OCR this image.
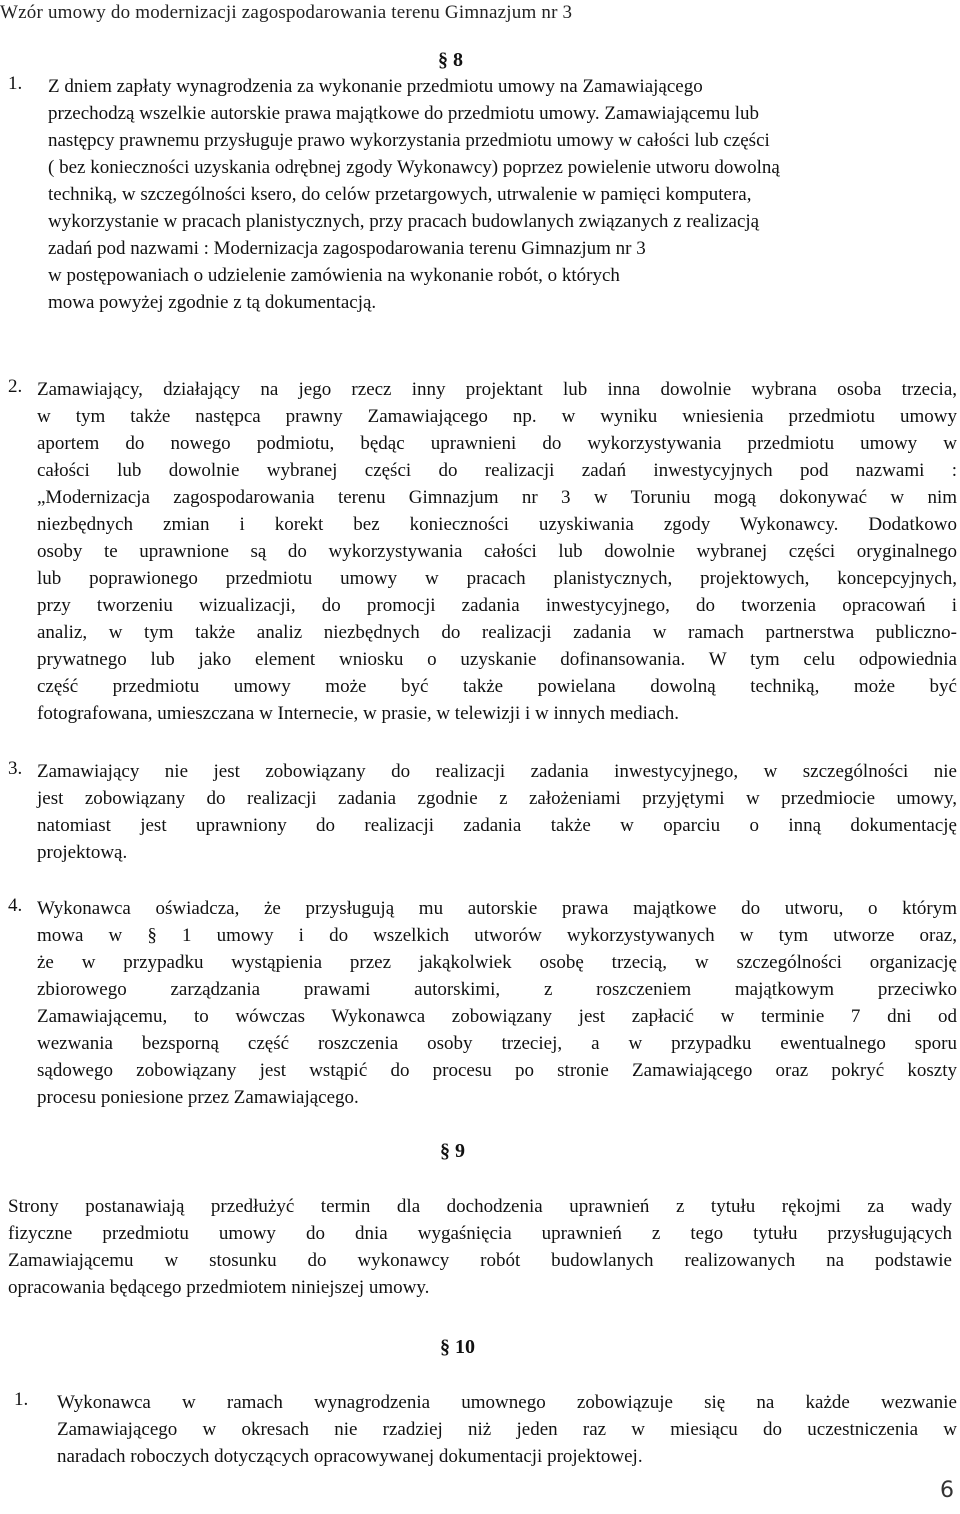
Wzór umowy do modernizacji zagospodarowania terenu Gimnazjum nr 3
§ 8
1. Z dniem zapłaty wynagrodzenia za wykonanie przedmiotu umowy na Zamawiającego
przechodzą wszelkie autorskie prawa majątkowe do przedmiotu umowy. Zamawiającemu lub
następcy prawnemu przysługuje prawo wykorzystania przedmiotu umowy w całości lub części
( bez konieczności uzyskania odrębnej zgody Wykonawcy) poprzez powielenie utworu dowolną
techniką, w szczególności ksero, do celów przetargowych, utrwalenie w pamięci komputera,
wykorzystanie w pracach planistycznych, przy pracach budowlanych związanych z realizacją
zadań pod nazwami : Modernizacja zagospodarowania terenu Gimnazjum nr 3
w postępowaniach o udzielenie zamówienia na wykonanie robót, o których
mowa powyżej zgodnie z tą dokumentacją.
2. Zamawiający, działający na jego rzecz inny projektant lub inna dowolnie wybrana osoba trzecia,
w tym także następca prawny Zamawiającego np. w wyniku wniesienia przedmiotu umowy
aportem do nowego podmiotu, będąc uprawnieni do wykorzystywania przedmiotu umowy w
całości lub dowolnie wybranej części do realizacji zadań inwestycyjnych pod nazwami :
„Modernizacja zagospodarowania terenu Gimnazjum nr 3 w Toruniu mogą dokonywać w nim
niezbędnych zmian i korekt bez konieczności uzyskiwania zgody Wykonawcy. Dodatkowo
osoby te uprawnione są do wykorzystywania całości lub dowolnie wybranej części oryginalnego
lub poprawionego przedmiotu umowy w pracach planistycznych, projektowych, koncepcyjnych,
przy tworzeniu wizualizacji, do promocji zadania inwestycyjnego, do tworzenia opracowań i
analiz, w tym także analiz niezbędnych do realizacji zadania w ramach partnerstwa publiczno-
prywatnego lub jako element wniosku o uzyskanie dofinansowania. W tym celu odpowiednia
część przedmiotu umowy może być także powielana dowolną techniką, może być
fotografowana, umieszczana w Internecie, w prasie, w telewizji i w innych mediach.
3. Zamawiający nie jest zobowiązany do realizacji zadania inwestycyjnego, w szczególności nie
jest zobowiązany do realizacji zadania zgodnie z założeniami przyjętymi w przedmiocie umowy,
natomiast jest uprawniony do realizacji zadania także w oparciu o inną dokumentację
projektową.
4. Wykonawca oświadcza, że przysługują mu autorskie prawa majątkowe do utworu, o którym
mowa w § 1 umowy i do wszelkich utworów wykorzystywanych w tym utworze oraz,
że w przypadku wystąpienia przez jakąkolwiek osobę trzecią, w szczególności organizację
zbiorowego zarządzania prawami autorskimi, z roszczeniem majątkowym przeciwko
Zamawiającemu, to wówczas Wykonawca zobowiązany jest zapłacić w terminie 7 dni od
wezwania bezsporną część roszczenia osoby trzeciej, a w przypadku ewentualnego sporu
sądowego zobowiązany jest wstąpić do procesu po stronie Zamawiającego oraz pokryć koszty
procesu poniesione przez Zamawiającego.
§ 9
Strony postanawiają przedłużyć termin dla dochodzenia uprawnień z tytułu rękojmi za wady
fizyczne przedmiotu umowy do dnia wygaśnięcia uprawnień z tego tytułu przysługujących
Zamawiającemu w stosunku do wykonawcy robót budowlanych realizowanych na podstawie
opracowania będącego przedmiotem niniejszej umowy.
§ 10
1. Wykonawca w ramach wynagrodzenia umownego zobowiązuje się na każde wezwanie
Zamawiającego w okresach nie rzadziej niż jeden raz w miesiącu do uczestniczenia w
naradach roboczych dotyczących opracowywanej dokumentacji projektowej.
6
